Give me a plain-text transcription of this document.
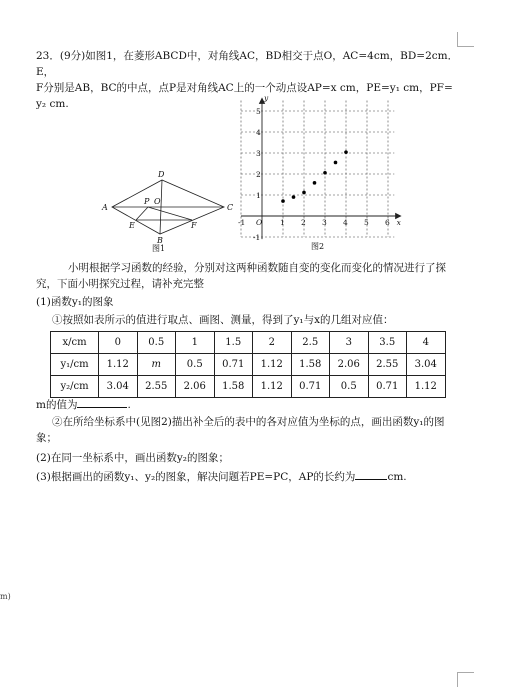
23．(9分)如图1，在菱形ABCD中，对角线AC，BD相交于点O，AC=4cm，BD=2cm．E，
F分别是AB，BC的中点，点P是对角线AC上的一个动点设AP=x cm，PE=y₁ cm，PF=
y₂ cm.
A
D
C
B
E	F
P O
图1
-1 O 1 2 3 4 5 6
5
4
3
2
1
-1
x
y
图2
小明根据学习函数的经验，分别对这两种函数随自变的变化而变化的情况进行了探
究，下面小明探究过程，请补充完整
(1)函数y₁的图象
①按照如表所示的值进行取点、画图、测量，得到了y₁与x的几组对应值：
x/cm	0	0.5	1	1.5	2	2.5	3	3.5	4
y₁/cm	1.12	m	0.5	0.71	1.12	1.58	2.06	2.55	3.04
y₂/cm	3.04	2.55	2.06	1.58	1.12	0.71	0.5	0.71	1.12
m的值为	.
②在所给坐标系中(见图2)描出补全后的表中的各对应值为坐标的点，画出函数y₁的图
象；
(2)在同一坐标系中，画出函数y₂的图象；
(3)根据画出的函数y₁、y₂的图象，解决问题若PE=PC，AP的长约为	cm.
m)
